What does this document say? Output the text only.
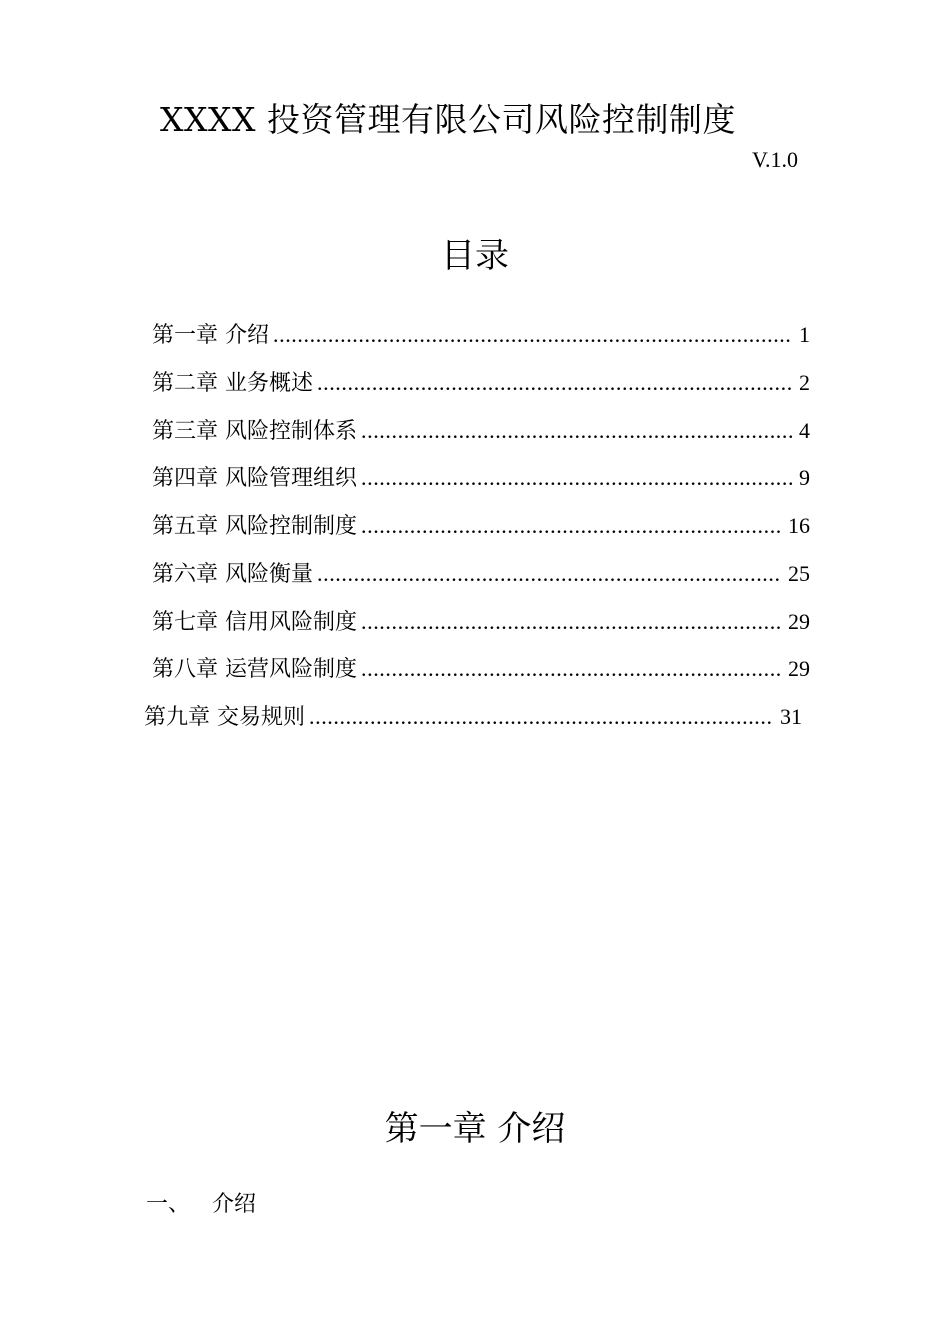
XXXX 投资管理有限公司风险控制制度
V.1.0
目录
第一章 介绍 .....	1
第二章 业务概述 .....	2
第三章 风险控制体系 .....	4
第四章 风险管理组织 .....	9
第五章 风险控制制度 .....	16
第六章 风险衡量 .....	25
第七章 信用风险制度 .....	29
第八章 运营风险制度 .....	29
第九章 交易规则 .....	31
第一章 介绍
一、 介绍
